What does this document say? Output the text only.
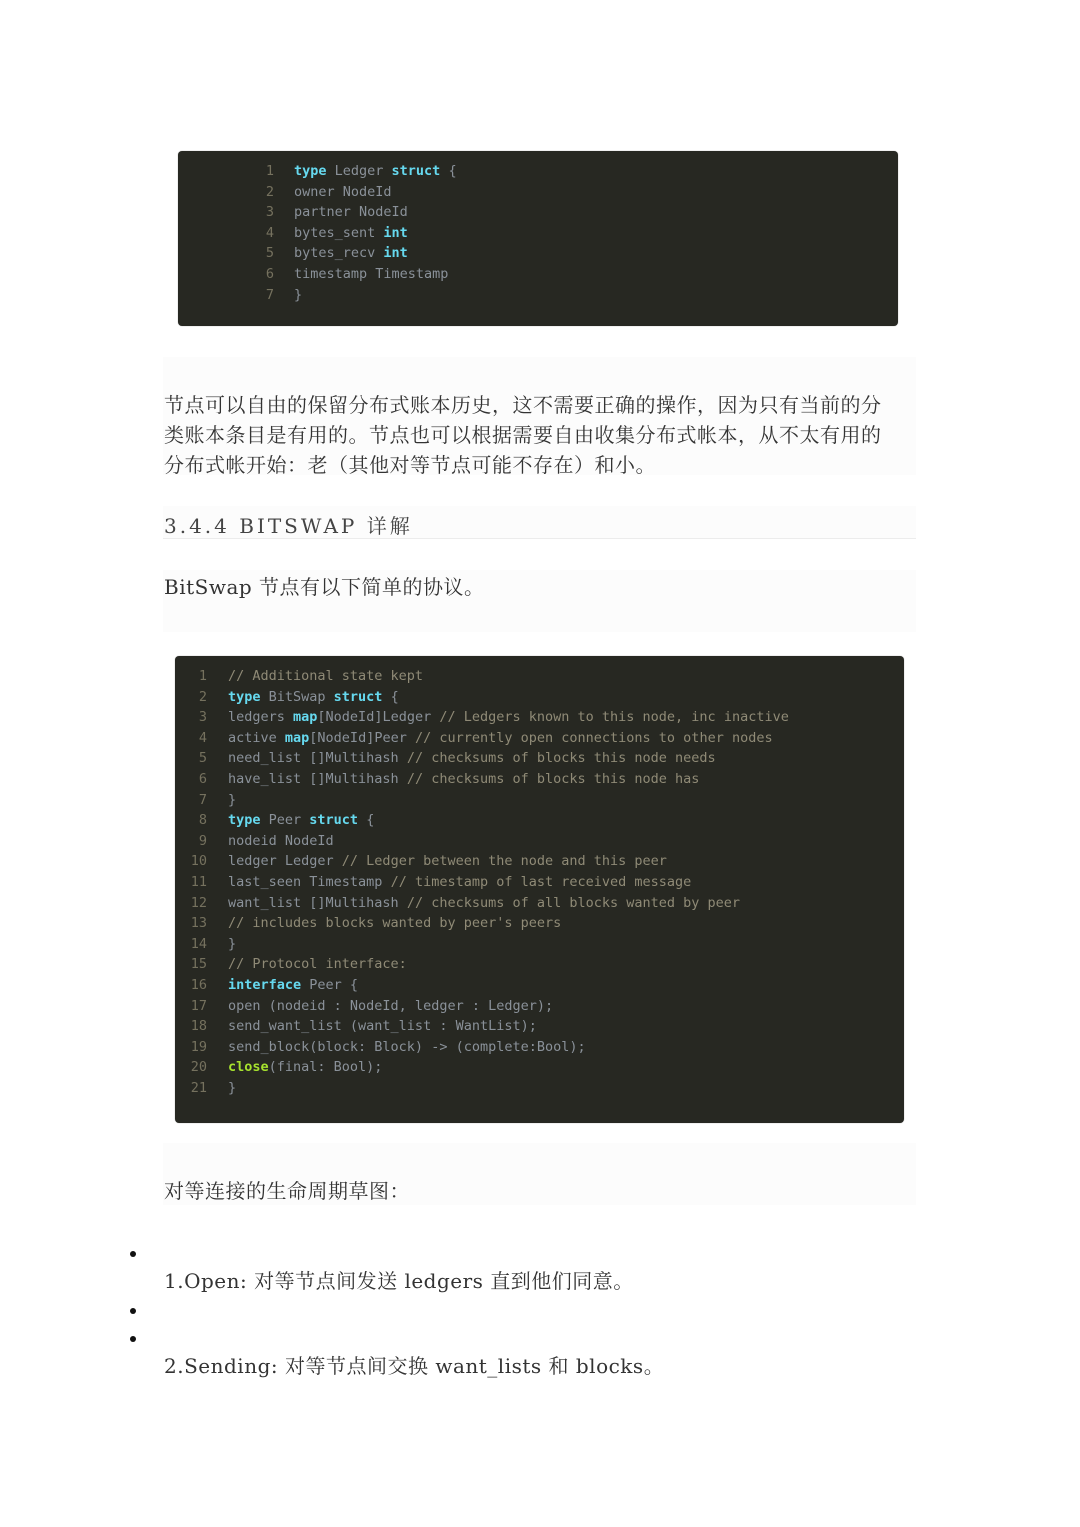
1 type Ledger struct {
2 owner NodeId
3 partner NodeId
4 bytes_sent int
5 bytes_recv int
6 timestamp Timestamp
7 }
节点可以自由的保留分布式账本历史，这不需要正确的操作，因为只有当前的分
类账本条目是有用的。节点也可以根据需要自由收集分布式帐本，从不太有用的
分布式帐开始：老（其他对等节点可能不存在）和小。
3.4.4 BITSWAP 详解
BitSwap 节点有以下简单的协议。
1 // Additional state kept
2 type BitSwap struct {
3 ledgers map[NodeId]Ledger // Ledgers known to this node, inc inactive
4 active map[NodeId]Peer // currently open connections to other nodes
5 need_list []Multihash // checksums of blocks this node needs
6 have_list []Multihash // checksums of blocks this node has
7 }
8 type Peer struct {
9 nodeid NodeId
10 ledger Ledger // Ledger between the node and this peer
11 last_seen Timestamp // timestamp of last received message
12 want_list []Multihash // checksums of all blocks wanted by peer
13 // includes blocks wanted by peer's peers
14 }
15 // Protocol interface:
16 interface Peer {
17 open (nodeid : NodeId, ledger : Ledger);
18 send_want_list (want_list : WantList);
19 send_block(block: Block) -> (complete:Bool);
20 close(final: Bool);
21 }
对等连接的生命周期草图：
1.Open: 对等节点间发送 ledgers 直到他们同意。
2.Sending: 对等节点间交换 want_lists 和 blocks。
